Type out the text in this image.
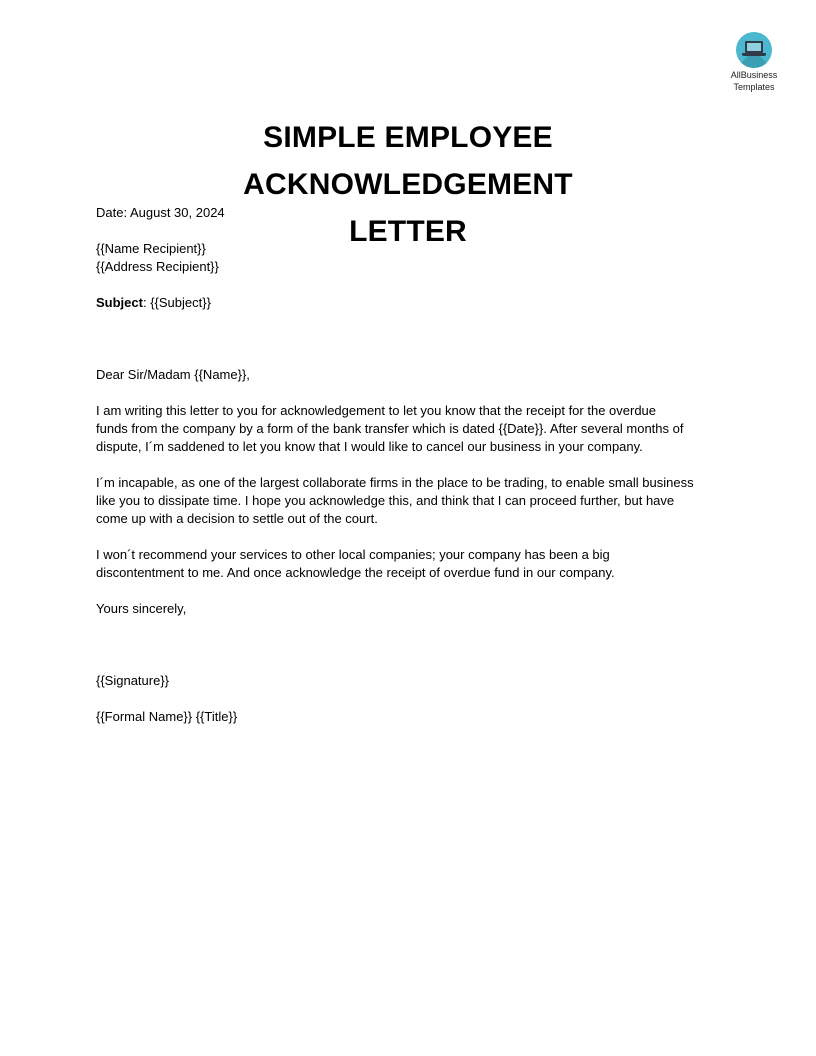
AllBusiness
Templates
SIMPLE EMPLOYEE ACKNOWLEDGEMENT
LETTER
Date: August 30, 2024
{{Name Recipient}}
{{Address Recipient}}
Subject: {{Subject}}
Dear Sir/Madam {{Name}},
I am writing this letter to you for acknowledgement to let you know that the receipt for the overdue
funds from the company by a form of the bank transfer which is dated {{Date}}. After several months of
dispute, I´m saddened to let you know that I would like to cancel our business in your company.
I´m incapable, as one of the largest collaborate firms in the place to be trading, to enable small business
like you to dissipate time. I hope you acknowledge this, and think that I can proceed further, but have
come up with a decision to settle out of the court.
I won´t recommend your services to other local companies; your company has been a big
discontentment to me. And once acknowledge the receipt of overdue fund in our company.
Yours sincerely,
{{Signature}}
{{Formal Name}} {{Title}}
